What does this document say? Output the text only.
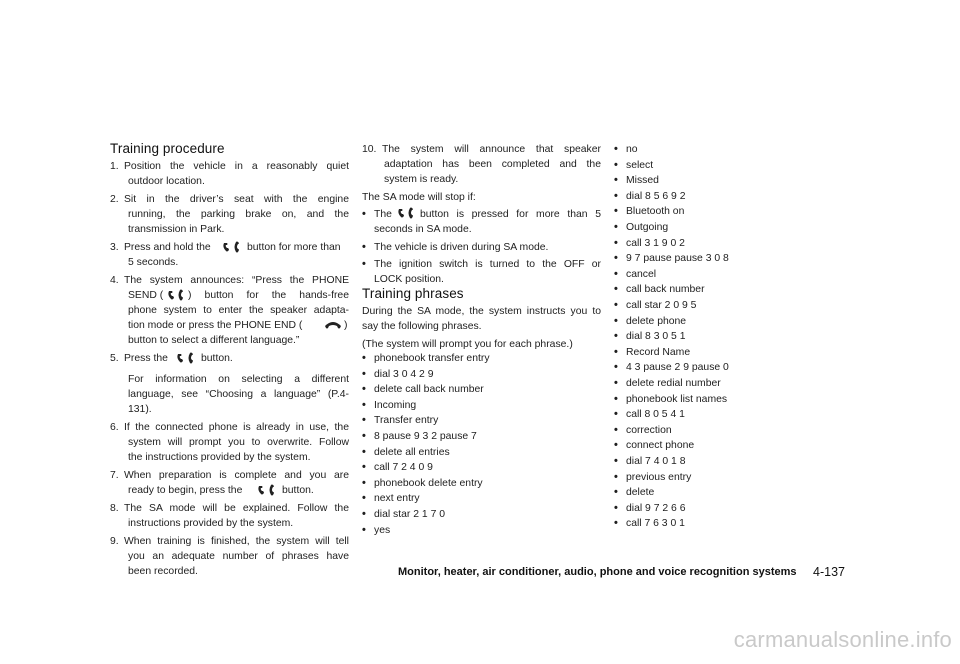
Training procedure
1. Position the vehicle in a reasonably quiet
outdoor location.
2. Sit in the driver’s seat with the engine
running, the parking brake on, and the
transmission in Park.
3. Press and hold the	button for more than
5 seconds.
4. The system announces: “Press the PHONE
SEND ( ) button for the hands-free
phone system to enter the speaker adapta-
tion mode or press the PHONE END (	)
button to select a different language.”
5. Press the	button.
For information on selecting a different
language, see “Choosing a language” (P.4-
131).
6. If the connected phone is already in use, the
system will prompt you to overwrite. Follow
the instructions provided by the system.
7. When preparation is complete and you are
ready to begin, press the	button.
8. The SA mode will be explained. Follow the
instructions provided by the system.
9. When training is finished, the system will tell
you an adequate number of phrases have
been recorded.
10. The system will announce that speaker
adaptation has been completed and the
system is ready.
The SA mode will stop if:
• The	button is pressed for more than 5
seconds in SA mode.
• The vehicle is driven during SA mode.
• The ignition switch is turned to the OFF or
LOCK position.
Training phrases
During the SA mode, the system instructs you to
say the following phrases.
(The system will prompt you for each phrase.)
• phonebook transfer entry
• dial 3 0 4 2 9
• delete call back number
• Incoming
• Transfer entry
• 8 pause 9 3 2 pause 7
• delete all entries
• call 7 2 4 0 9
• phonebook delete entry
• next entry
• dial star 2 1 7 0
• yes
• no
• select
• Missed
• dial 8 5 6 9 2
• Bluetooth on
• Outgoing
• call 3 1 9 0 2
• 9 7 pause pause 3 0 8
• cancel
• call back number
• call star 2 0 9 5
• delete phone
• dial 8 3 0 5 1
• Record Name
• 4 3 pause 2 9 pause 0
• delete redial number
• phonebook list names
• call 8 0 5 4 1
• correction
• connect phone
• dial 7 4 0 1 8
• previous entry
• delete
• dial 9 7 2 6 6
• call 7 6 3 0 1
Monitor, heater, air conditioner, audio, phone and voice recognition systems 4-137
carmanualsonline.info
